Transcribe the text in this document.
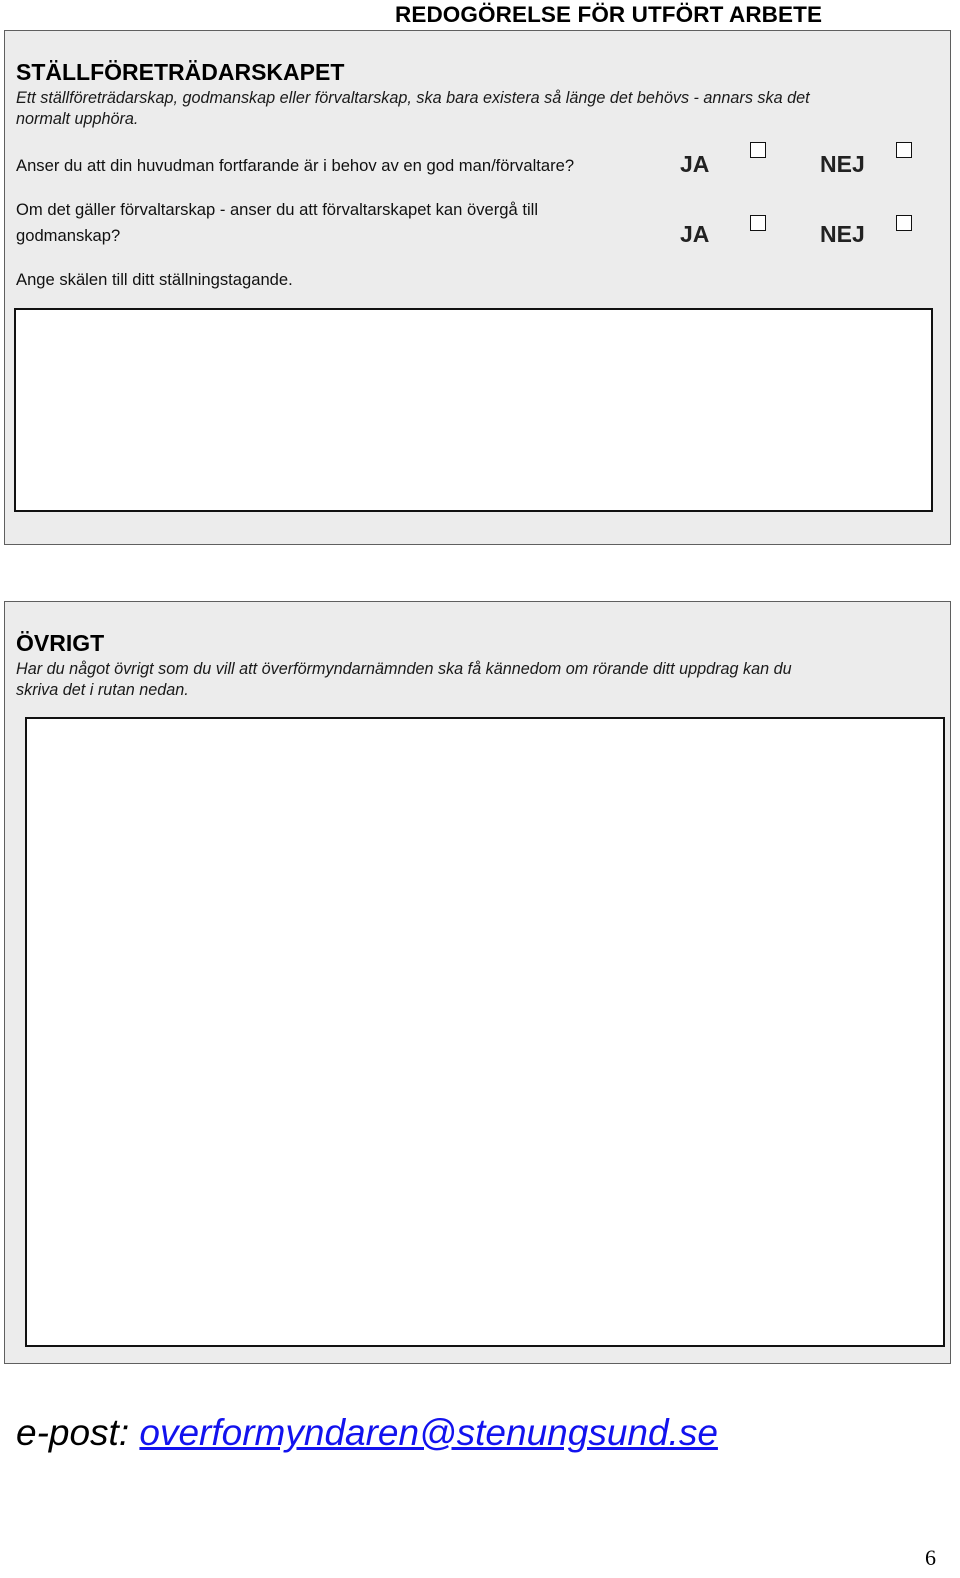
REDOGÖRELSE FÖR UTFÖRT ARBETE
STÄLLFÖRETRÄDARSKAPET
Ett ställföreträdarskap, godmanskap eller förvaltarskap, ska bara existera så länge det behövs - annars ska det
normalt upphöra.
Anser du att din huvudman fortfarande är i behov av en god man/förvaltare?	JA	NEJ
Om det gäller förvaltarskap - anser du att förvaltarskapet kan övergå till
godmanskap?	JA	NEJ
Ange skälen till ditt ställningstagande.
ÖVRIGT
Har du något övrigt som du vill att överförmyndarnämnden ska få kännedom om rörande ditt uppdrag kan du
skriva det i rutan nedan.
e-post: overformyndaren@stenungsund.se
6
